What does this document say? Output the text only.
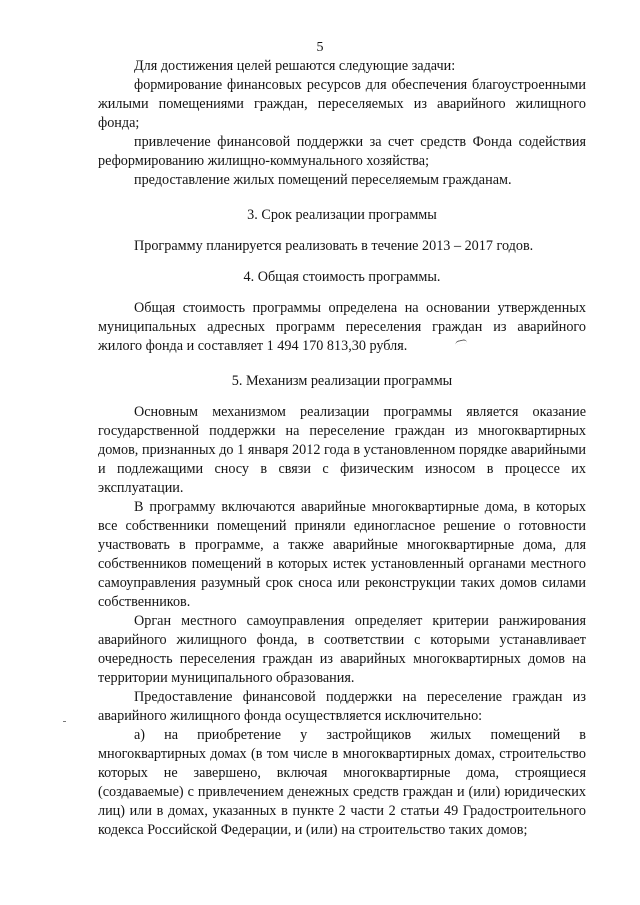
5

Для достижения целей решаются следующие задачи:

формирование финансовых ресурсов для обеспечения благоустроенными жилыми помещениями граждан, переселяемых из аварийного жилищного фонда;

привлечение финансовой поддержки за счет средств Фонда содействия реформированию жилищно-коммунального хозяйства;

предоставление жилых помещений переселяемым гражданам.

3. Срок реализации программы

Программу планируется реализовать в течение 2013 – 2017 годов.

4. Общая стоимость программы.

Общая стоимость программы определена на основании утвержденных муниципальных адресных программ переселения граждан из аварийного жилого фонда и составляет 1 494 170 813,30 рубля.

5. Механизм реализации программы

Основным механизмом реализации программы является оказание государственной поддержки на переселение граждан из многоквартирных домов, признанных до 1 января 2012 года в установленном порядке аварийными и подлежащими сносу в связи с физическим износом в процессе их эксплуатации.

В программу включаются аварийные многоквартирные дома, в которых все собственники помещений приняли единогласное решение о готовности участвовать в программе, а также аварийные многоквартирные дома, для собственников помещений в которых истек установленный органами местного самоуправления разумный срок сноса или реконструкции таких домов силами собственников.

Орган местного самоуправления определяет критерии ранжирования аварийного жилищного фонда, в соответствии с которыми устанавливает очередность переселения граждан из аварийных многоквартирных домов на территории муниципального образования.

Предоставление финансовой поддержки на переселение граждан из аварийного жилищного фонда осуществляется исключительно:

а) на приобретение у застройщиков жилых помещений в многоквартирных домах (в том числе в многоквартирных домах, строительство которых не завершено, включая многоквартирные дома, строящиеся (создаваемые) с привлечением денежных средств граждан и (или) юридических лиц) или в домах, указанных в пункте 2 части 2 статьи 49 Градостроительного кодекса Российской Федерации, и (или) на строительство таких домов;
